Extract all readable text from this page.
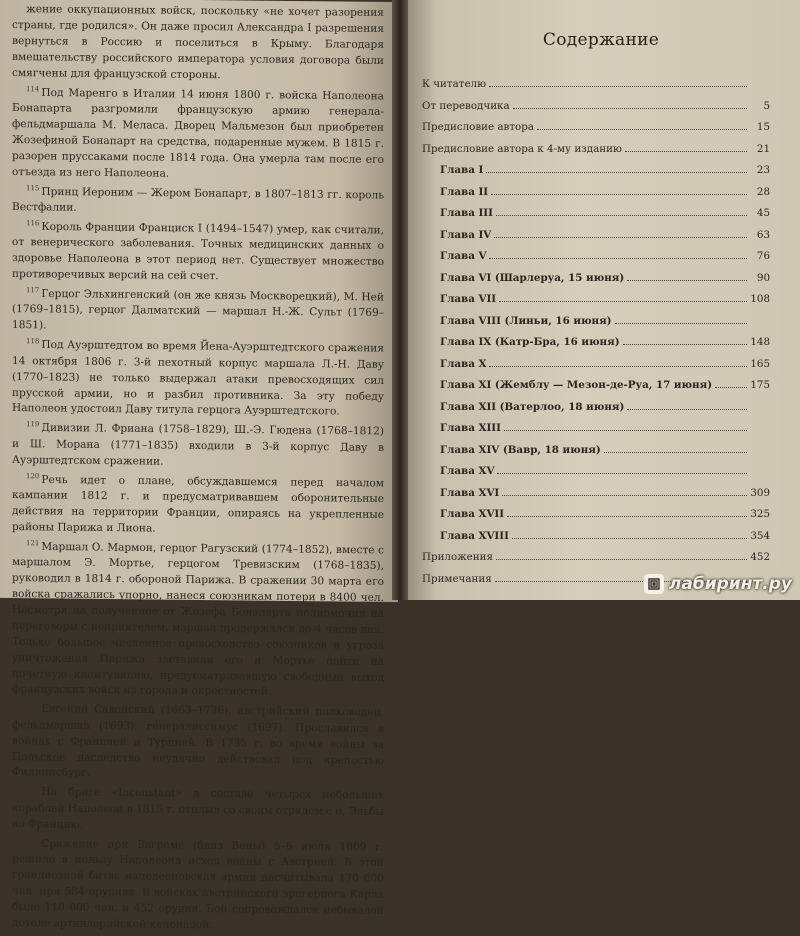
жение оккупационных войск, поскольку «не хочет разорения страны, где родился». Он даже просил Александра I разрешения вернуться в Россию и поселиться в Крыму. Благодаря вмешательству российского императора условия договора были смягчены для французской стороны.

$^{114}$ Под Маренго в Италии 14 июня 1800 г. войска Наполеона Бонапарта разгромили французскую армию генерала-фельдмаршала М. Меласа. Дворец Мальмезон был приобретен Жозефиной Бонапарт на средства, подаренные мужем. В 1815 г. разорен пруссаками после 1814 года. Она умерла там после его отъезда из него Наполеона.

$^{115}$ Принц Иероним — Жером Бонапарт, в 1807–1813 гг. король Вестфалии.

$^{116}$ Король Франции Франциск I (1494–1547) умер, как считали, от венерического заболевания. Точных медицинских данных о здоровье Наполеона в этот период нет. Существует множество противоречивых версий на сей счет.

$^{117}$ Герцог Эльхингенский (он же князь Москворецкий), М. Ней (1769–1815), герцог Далматский — маршал Н.-Ж. Сульт (1769–1851).

$^{118}$ Под Ауэрштедтом во время Йена-Ауэрштедтского сражения 14 октября 1806 г. 3-й пехотный корпус маршала Л.-Н. Даву (1770–1823) не только выдержал атаки превосходящих сил прусской армии, но и разбил противника. За эту победу Наполеон удостоил Даву титула герцога Ауэрштедтского.

$^{119}$ Дивизии Л. Фриана (1758–1829), Ш.-Э. Гюдена (1768–1812) и Ш. Морана (1771–1835) входили в 3-й корпус Даву в Ауэрштедтском сражении.

$^{120}$ Речь идет о плане, обсуждавшемся перед началом кампании 1812 г. и предусматривавшем оборонительные действия на территории Франции, опираясь на укрепленные районы Парижа и Лиона.

$^{121}$ Маршал О. Мармон, герцог Рагузский (1774–1852), вместе с маршалом Э. Мортье, герцогом Тревизским (1768–1835), руководил в 1814 г. обороной Парижа. В сражении 30 марта его войска сражались упорно, нанеся союзникам потери в 8400 чел. Несмотря на полученное от Жозефа Бонапарта полномочия на переговоры с неприятелем, маршал продержался до 4 часов дня. Только большое численное превосходство союзников и угроза уничтожения Парижа заставили его и Мортье пойти на почетную капитуляцию, предусматривавшую свободный выход французских войск из города и окрестностей.

$^{122}$ Евгений Савойский (1663–1736), австрийский полководец, фельдмаршал (1693), генералиссимус (1697). Прославился в войнах с Францией и Турцией. В 1735 г. во время войны за Польское наследство неудачно действовал под крепостью Филиппсбург.

$^{123}$ На бриге «Inconstant» в составе четырех небольших кораблей Наполеон в 1815 г. отплыл со своим отрядом с о. Эльбы во Францию.

$^{124}$ Сражение при Ваграме (близ Вены) 5–6 июля 1809 г. решило в пользу Наполеона исход войны с Австрией. В этой грандиозной битве наполеоновская армия насчитывала 170 000 чел. при 584 орудиях. В войсках австрийского эрцгерцога Карла было 110 000 чел. и 452 орудия. Бой сопровождался небывалой дотоле артиллерийской канонадой.

Содержание
К читателю
От переводчика	5
Предисловие автора	15
Предисловие автора к 4-му изданию	21
Глава I	23
Глава II	28
Глава III	45
Глава IV	63
Глава V	76
Глава VI (Шарлеруа, 15 июня)	90
Глава VII	108
Глава VIII (Линьи, 16 июня)
Глава IX (Катр-Бра, 16 июня)	148
Глава X	165
Глава XI (Жемблу — Мезон-де-Руа, 17 июня)	175
Глава XII (Ватерлоо, 18 июня)
Глава XIII
Глава XIV (Вавр, 18 июня)
Глава XV
Глава XVI	309
Глава XVII	325
Глава XVIII	354
Приложения	452
Примечания	лабиринт.ру
